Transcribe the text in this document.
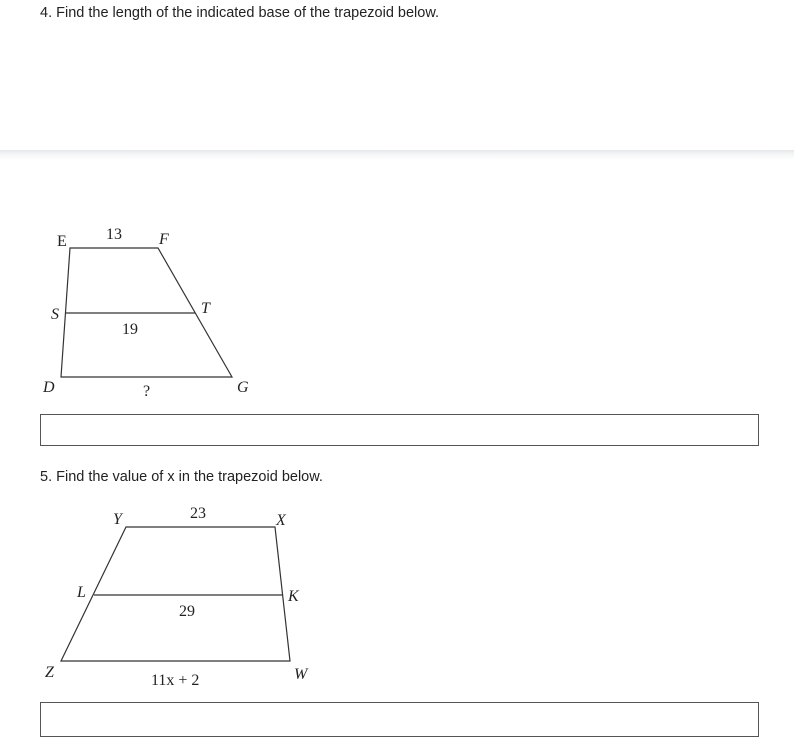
4. Find the length of the indicated base of the trapezoid below.
E 13 F
S	T
19
D	?	G
5. Find the value of x in the trapezoid below.
Y	23	X
L	K
29
Z	11x + 2	W
